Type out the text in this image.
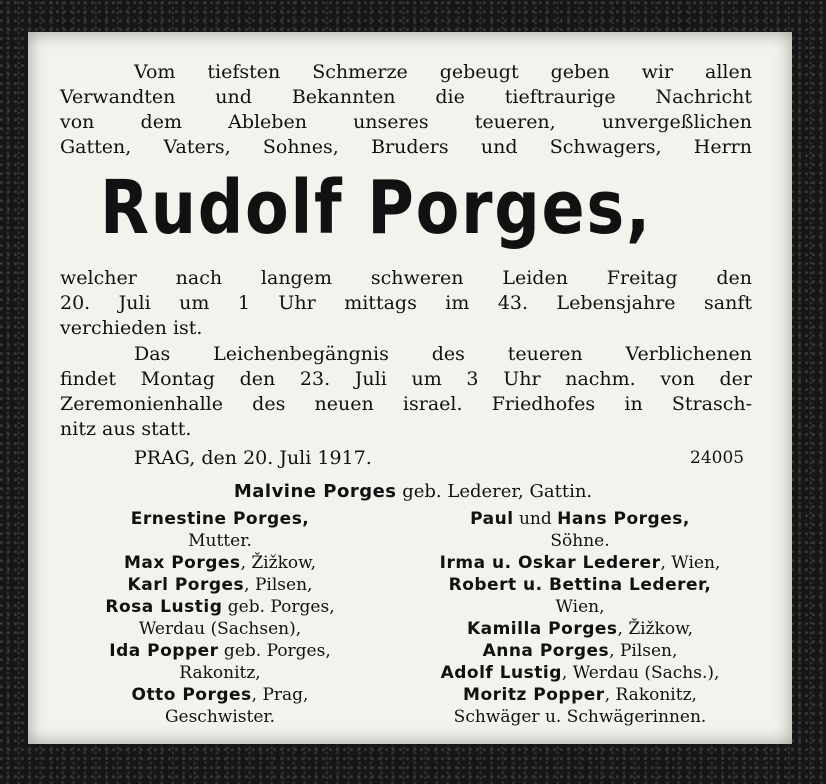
Vom tiefsten Schmerze gebeugt geben wir allen
Verwandten und Bekannten die tieftraurige Nachricht
von dem Ableben unseres teueren, unvergeßlichen
Gatten, Vaters, Sohnes, Bruders und Schwagers, Herrn
Rudolf Porges,
welcher nach langem schweren Leiden Freitag den
20. Juli um 1 Uhr mittags im 43. Lebensjahre sanft
verchieden ist.
Das Leichenbegängnis des teueren Verblichenen
findet Montag den 23. Juli um 3 Uhr nachm. von der
Zeremonienhalle des neuen israel. Friedhofes in Strasch-
nitz aus statt.
PRAG, den 20. Juli 1917.	24005
Malvine Porges geb. Lederer, Gattin.
Ernestine Porges,
Mutter.
Max Porges, Žižkow,
Karl Porges, Pilsen,
Rosa Lustig geb. Porges,
Werdau (Sachsen),
Ida Popper geb. Porges,
Rakonitz,
Otto Porges, Prag,
Geschwister.
Paul und Hans Porges,
Söhne.
Irma u. Oskar Lederer, Wien,
Robert u. Bettina Lederer,
Wien,
Kamilla Porges, Žižkow,
Anna Porges, Pilsen,
Adolf Lustig, Werdau (Sachs.),
Moritz Popper, Rakonitz,
Schwäger u. Schwägerinnen.
